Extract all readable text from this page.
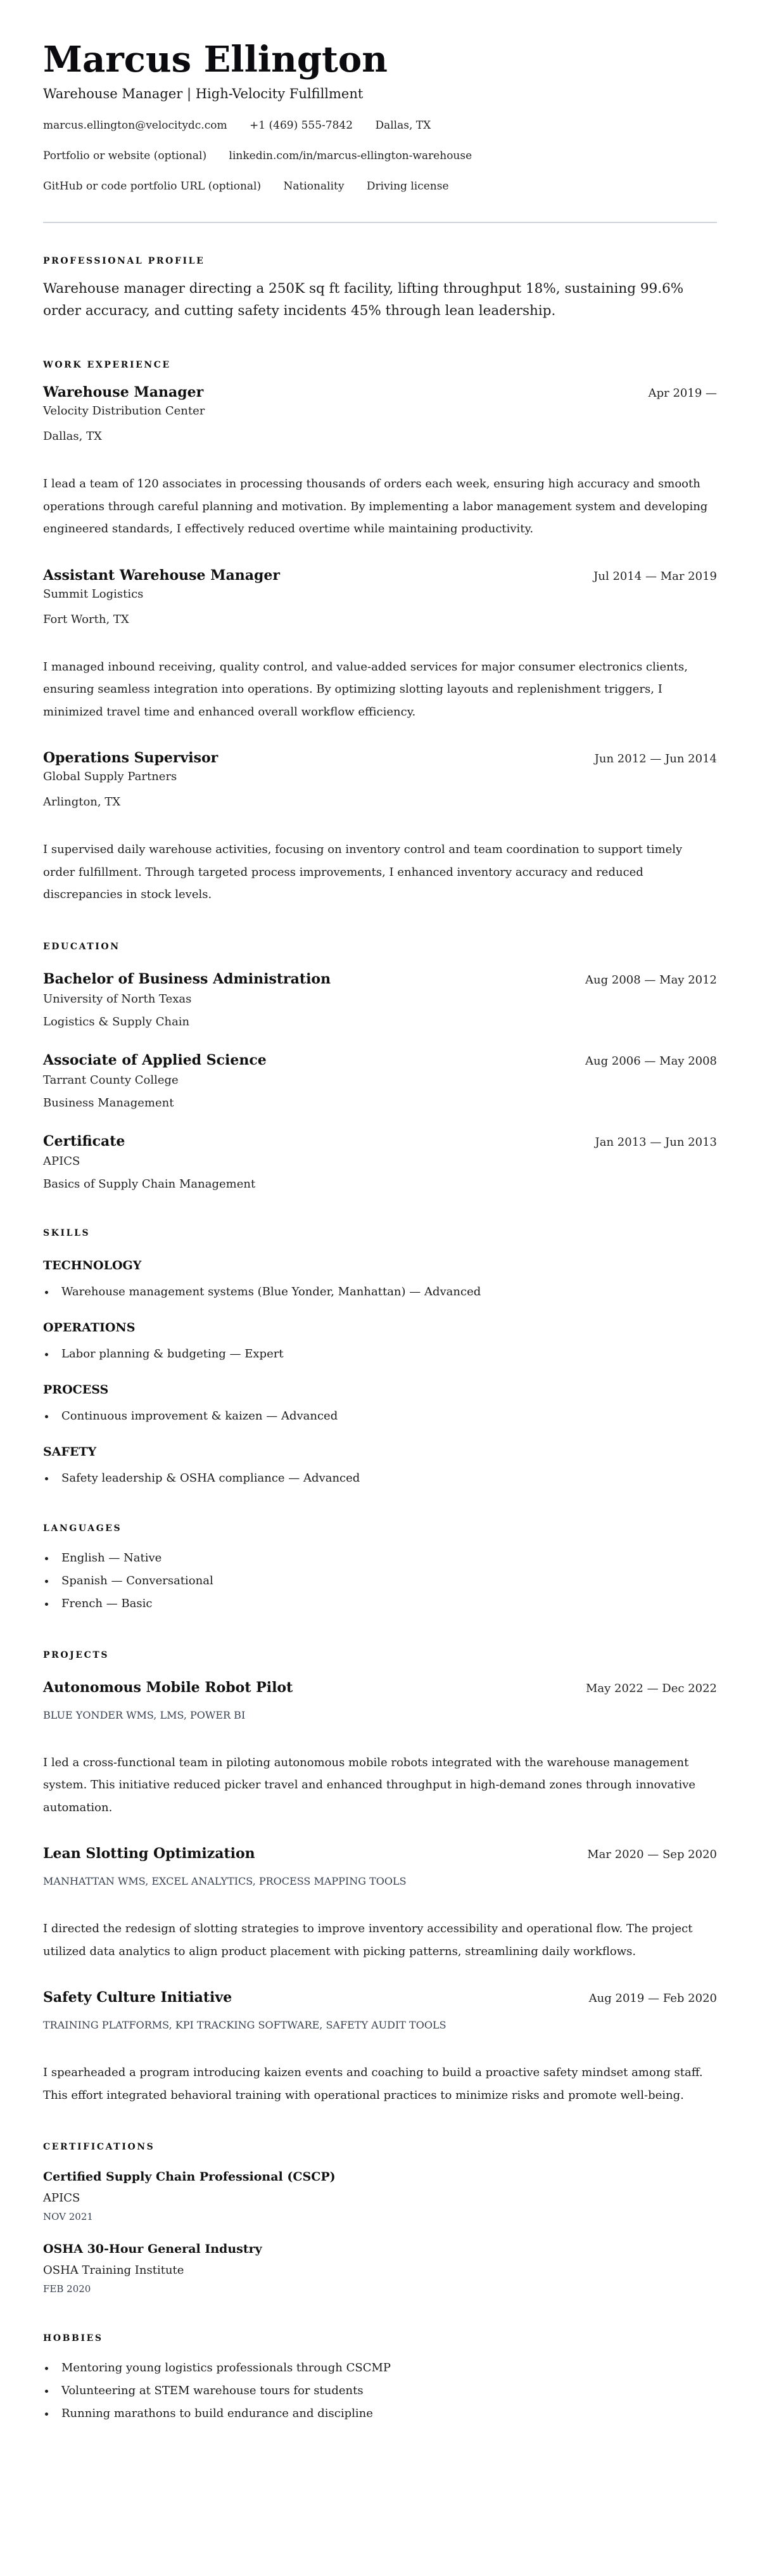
Marcus Ellington
Warehouse Manager | High-Velocity Fulfillment
marcus.ellington@velocitydc.com +1 (469) 555-7842 Dallas, TX
Portfolio or website (optional) linkedin.com/in/marcus-ellington-warehouse
GitHub or code portfolio URL (optional) Nationality Driving license
PROFESSIONAL PROFILE

Warehouse manager directing a 250K sq ft facility, lifting throughput 18%, sustaining 99.6% order accuracy, and cutting safety incidents 45% through lean leadership.

WORK EXPERIENCE
Warehouse Manager	Apr 2019 —
Velocity Distribution Center
Dallas, TX

I lead a team of 120 associates in processing thousands of orders each week, ensuring high accuracy and smooth operations through careful planning and motivation. By implementing a labor management system and developing engineered standards, I effectively reduced overtime while maintaining productivity.

Assistant Warehouse Manager	Jul 2014 — Mar 2019
Summit Logistics
Fort Worth, TX

I managed inbound receiving, quality control, and value-added services for major consumer electronics clients, ensuring seamless integration into operations. By optimizing slotting layouts and replenishment triggers, I minimized travel time and enhanced overall workflow efficiency.

Operations Supervisor	Jun 2012 — Jun 2014
Global Supply Partners
Arlington, TX

I supervised daily warehouse activities, focusing on inventory control and team coordination to support timely order fulfillment. Through targeted process improvements, I enhanced inventory accuracy and reduced discrepancies in stock levels.

EDUCATION
Bachelor of Business Administration	Aug 2008 — May 2012
University of North Texas
Logistics & Supply Chain
Associate of Applied Science	Aug 2006 — May 2008
Tarrant County College
Business Management
Certificate	Jan 2013 — Jun 2013
APICS
Basics of Supply Chain Management
SKILLS
TECHNOLOGY
Warehouse management systems (Blue Yonder, Manhattan) — Advanced
OPERATIONS
Labor planning & budgeting — Expert
PROCESS
Continuous improvement & kaizen — Advanced
SAFETY
Safety leadership & OSHA compliance — Advanced
LANGUAGES
English — Native
Spanish — Conversational
French — Basic
PROJECTS
Autonomous Mobile Robot Pilot	May 2022 — Dec 2022
BLUE YONDER WMS, LMS, POWER BI

I led a cross-functional team in piloting autonomous mobile robots integrated with the warehouse management system. This initiative reduced picker travel and enhanced throughput in high-demand zones through innovative automation.

Lean Slotting Optimization	Mar 2020 — Sep 2020
MANHATTAN WMS, EXCEL ANALYTICS, PROCESS MAPPING TOOLS

I directed the redesign of slotting strategies to improve inventory accessibility and operational flow. The project utilized data analytics to align product placement with picking patterns, streamlining daily workflows.

Safety Culture Initiative	Aug 2019 — Feb 2020
TRAINING PLATFORMS, KPI TRACKING SOFTWARE, SAFETY AUDIT TOOLS

I spearheaded a program introducing kaizen events and coaching to build a proactive safety mindset among staff. This effort integrated behavioral training with operational practices to minimize risks and promote well-being.

CERTIFICATIONS
Certified Supply Chain Professional (CSCP)
APICS
NOV 2021
OSHA 30-Hour General Industry
OSHA Training Institute
FEB 2020
HOBBIES
Mentoring young logistics professionals through CSCMP
Volunteering at STEM warehouse tours for students
Running marathons to build endurance and discipline
